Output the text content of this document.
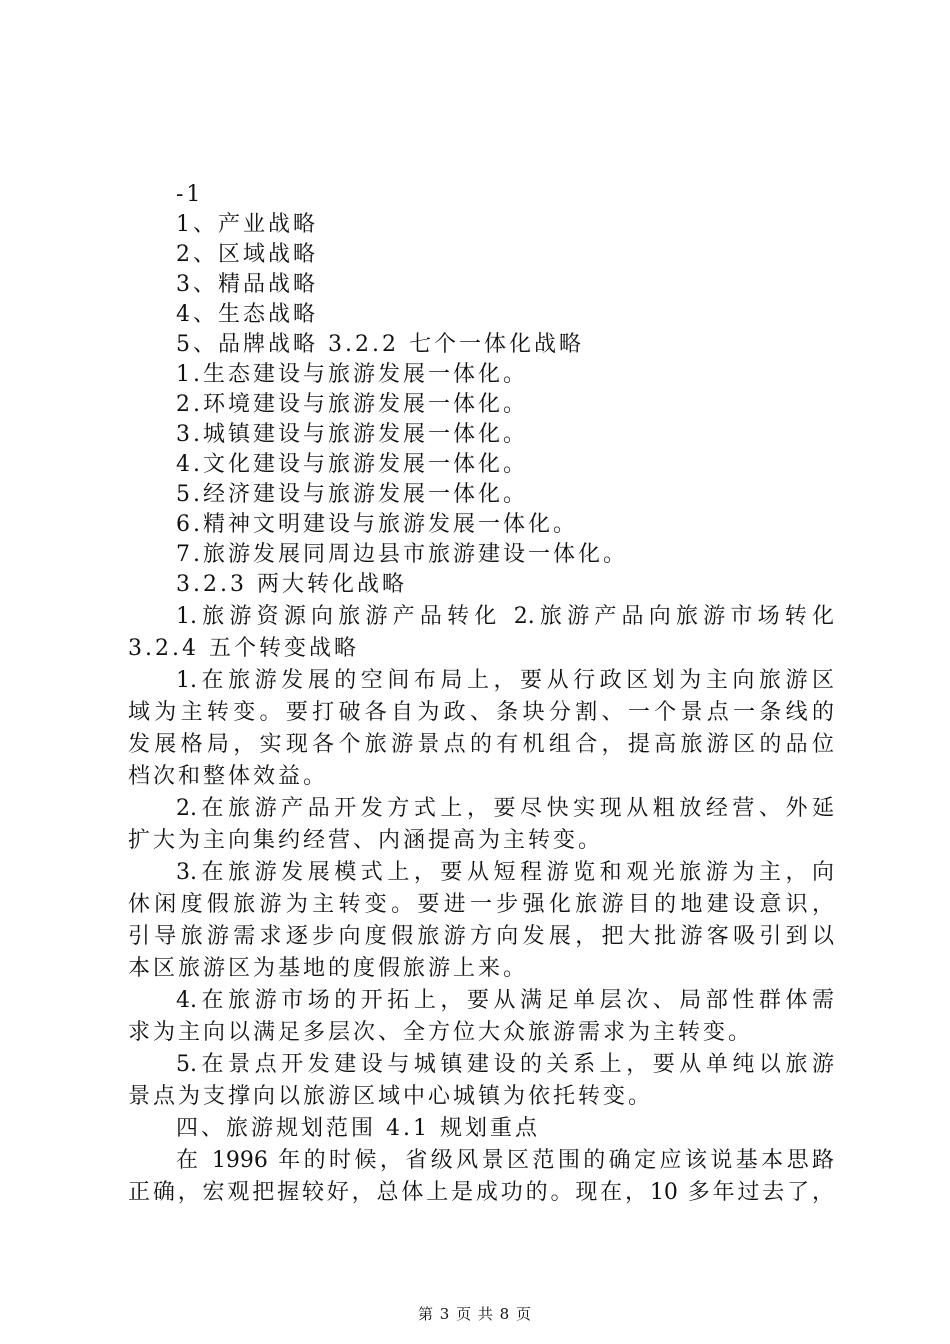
-1
1、产业战略
2、区域战略
3、精品战略
4、生态战略
5、品牌战略 3.2.2 七个一体化战略
1.生态建设与旅游发展一体化。
2.环境建设与旅游发展一体化。
3.城镇建设与旅游发展一体化。
4.文化建设与旅游发展一体化。
5.经济建设与旅游发展一体化。
6.精神文明建设与旅游发展一体化。
7.旅游发展同周边县市旅游建设一体化。
3.2.3 两大转化战略
1.旅游资源向旅游产品转化 2.旅游产品向旅游市场转化
3.2.4 五个转变战略
1.在旅游发展的空间布局上，要从行政区划为主向旅游区
域为主转变。要打破各自为政、条块分割、一个景点一条线的
发展格局，实现各个旅游景点的有机组合，提高旅游区的品位
档次和整体效益。
2.在旅游产品开发方式上，要尽快实现从粗放经营、外延
扩大为主向集约经营、内涵提高为主转变。
3.在旅游发展模式上，要从短程游览和观光旅游为主，向
休闲度假旅游为主转变。要进一步强化旅游目的地建设意识，
引导旅游需求逐步向度假旅游方向发展，把大批游客吸引到以
本区旅游区为基地的度假旅游上来。
4.在旅游市场的开拓上，要从满足单层次、局部性群体需
求为主向以满足多层次、全方位大众旅游需求为主转变。
5.在景点开发建设与城镇建设的关系上，要从单纯以旅游
景点为支撑向以旅游区域中心城镇为依托转变。
四、旅游规划范围 4.1 规划重点
在 1996 年的时候，省级风景区范围的确定应该说基本思路
正确，宏观把握较好，总体上是成功的。现在，10 多年过去了，
第 3 页 共 8 页
